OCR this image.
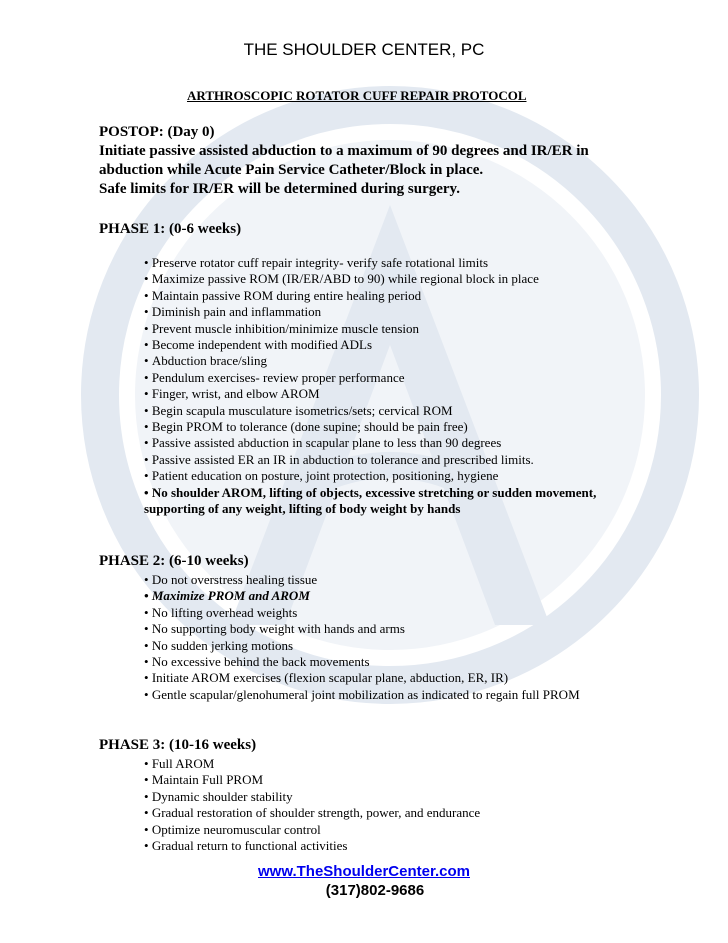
THE SHOULDER CENTER, PC
ARTHROSCOPIC ROTATOR CUFF REPAIR PROTOCOL
POSTOP: (Day 0)
Initiate passive assisted abduction to a maximum of 90 degrees and IR/ER in
abduction while Acute Pain Service Catheter/Block in place.
Safe limits for IR/ER will be determined during surgery.
PHASE 1: (0-6 weeks)
• Preserve rotator cuff repair integrity- verify safe rotational limits
• Maximize passive ROM (IR/ER/ABD to 90) while regional block in place
• Maintain passive ROM during entire healing period
• Diminish pain and inflammation
• Prevent muscle inhibition/minimize muscle tension
• Become independent with modified ADLs
• Abduction brace/sling
• Pendulum exercises- review proper performance
• Finger, wrist, and elbow AROM
• Begin scapula musculature isometrics/sets; cervical ROM
• Begin PROM to tolerance (done supine; should be pain free)
• Passive assisted abduction in scapular plane to less than 90 degrees
• Passive assisted ER an IR in abduction to tolerance and prescribed limits.
• Patient education on posture, joint protection, positioning, hygiene
• No shoulder AROM, lifting of objects, excessive stretching or sudden movement,
supporting of any weight, lifting of body weight by hands
PHASE 2: (6-10 weeks)
• Do not overstress healing tissue
• Maximize PROM and AROM
• No lifting overhead weights
• No supporting body weight with hands and arms
• No sudden jerking motions
• No excessive behind the back movements
• Initiate AROM exercises (flexion scapular plane, abduction, ER, IR)
• Gentle scapular/glenohumeral joint mobilization as indicated to regain full PROM
PHASE 3: (10-16 weeks)
• Full AROM
• Maintain Full PROM
• Dynamic shoulder stability
• Gradual restoration of shoulder strength, power, and endurance
• Optimize neuromuscular control
• Gradual return to functional activities
www.TheShoulderCenter.com
(317)802-9686
